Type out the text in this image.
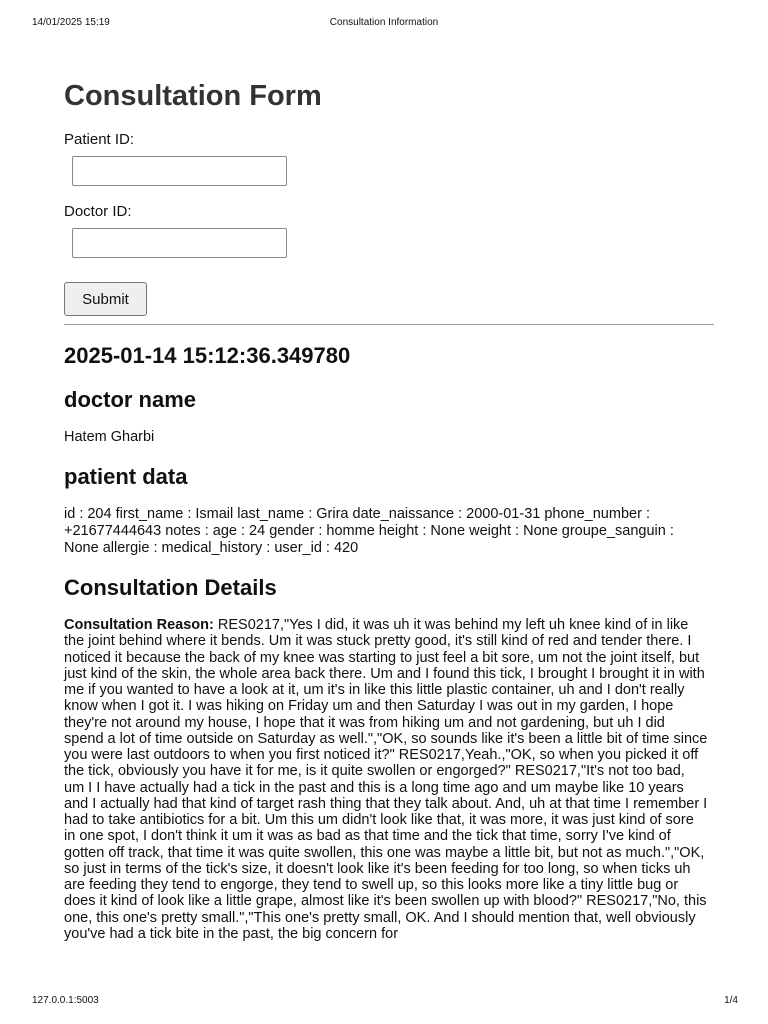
14/01/2025 15:19	Consultation Information
Consultation Form
Patient ID:
Doctor ID:
Submit
2025-01-14 15:12:36.349780
doctor name

Hatem Gharbi

patient data

id : 204 first_name : Ismail last_name : Grira date_naissance : 2000-01-31 phone_number : +21677444643 notes : age : 24 gender : homme height : None weight : None groupe_sanguin : None allergie : medical_history : user_id : 420

Consultation Details

Consultation Reason: RES0217,"Yes I did, it was uh it was behind my left uh knee kind of in like the joint behind where it bends. Um it was stuck pretty good, it's still kind of red and tender there. I noticed it because the back of my knee was starting to just feel a bit sore, um not the joint itself, but just kind of the skin, the whole area back there. Um and I found this tick, I brought I brought it in with me if you wanted to have a look at it, um it's in like this little plastic container, uh and I don't really know when I got it. I was hiking on Friday um and then Saturday I was out in my garden, I hope they're not around my house, I hope that it was from hiking um and not gardening, but uh I did spend a lot of time outside on Saturday as well.","OK, so sounds like it's been a little bit of time since you were last outdoors to when you first noticed it?" RES0217,Yeah.,"OK, so when you picked it off the tick, obviously you have it for me, is it quite swollen or engorged?" RES0217,"It's not too bad, um I I have actually had a tick in the past and this is a long time ago and um maybe like 10 years and I actually had that kind of target rash thing that they talk about. And, uh at that time I remember I had to take antibiotics for a bit. Um this um didn't look like that, it was more, it was just kind of sore in one spot, I don't think it um it was as bad as that time and the tick that time, sorry I've kind of gotten off track, that time it was quite swollen, this one was maybe a little bit, but not as much.","OK, so just in terms of the tick's size, it doesn't look like it's been feeding for too long, so when ticks uh are feeding they tend to engorge, they tend to swell up, so this looks more like a tiny little bug or does it kind of look like a little grape, almost like it's been swollen up with blood?" RES0217,"No, this one, this one's pretty small.","This one's pretty small, OK. And I should mention that, well obviously you've had a tick bite in the past, the big concern for

127.0.0.1:5003	1/4
